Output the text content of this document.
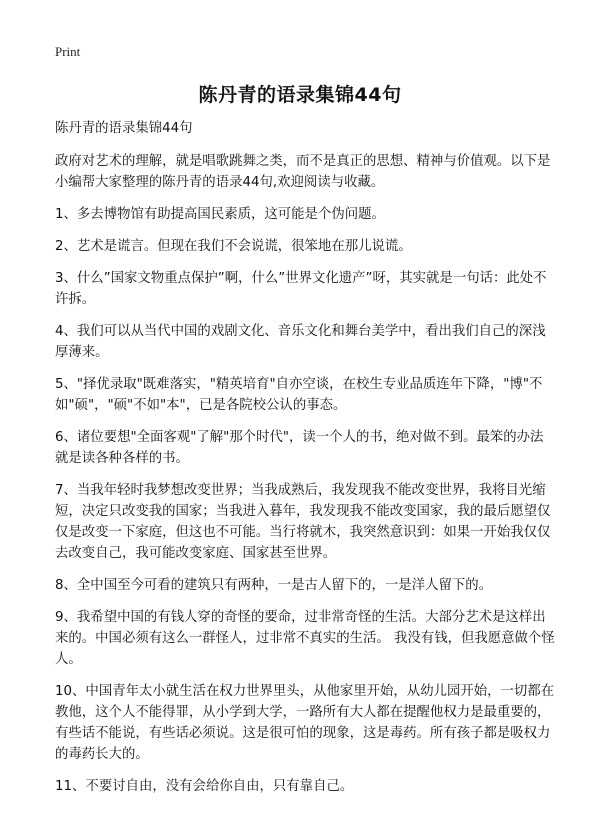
Print
陈丹青的语录集锦44句

陈丹青的语录集锦44句

政府对艺术的理解，就是唱歌跳舞之类，而不是真正的思想、精神与价值观。以下是小编帮大家整理的陈丹青的语录44句,欢迎阅读与收藏。

1、多去博物馆有助提高国民素质，这可能是个伪问题。

2、艺术是谎言。但现在我们不会说谎，很笨地在那儿说谎。

3、什么”国家文物重点保护”啊，什么”世界文化遗产”呀，其实就是一句话：此处不许拆。

4、我们可以从当代中国的戏剧文化、音乐文化和舞台美学中，看出我们自己的深浅厚薄来。

5、"择优录取"既难落实，"精英培育"自亦空谈，在校生专业品质连年下降，"博"不如"硕"，"硕"不如"本"，已是各院校公认的事态。

6、诸位要想"全面客观"了解"那个时代"，读一个人的书，绝对做不到。最笨的办法就是读各种各样的书。

7、当我年轻时我梦想改变世界；当我成熟后，我发现我不能改变世界，我将目光缩短，决定只改变我的国家；当我进入暮年，我发现我不能改变国家，我的最后愿望仅 仅是改变一下家庭，但这也不可能。当行将就木，我突然意识到：如果一开始我仅仅去改变自己，我可能改变家庭、国家甚至世界。

8、全中国至今可看的建筑只有两种，一是古人留下的，一是洋人留下的。

9、我希望中国的有钱人穿的奇怪的要命，过非常奇怪的生活。大部分艺术是这样出来的。中国必须有这么一群怪人，过非常不真实的生活。 我没有钱，但我愿意做个怪人。

10、中国青年太小就生活在权力世界里头，从他家里开始，从幼儿园开始，一切都在教他，这个人不能得罪，从小学到大学，一路所有大人都在提醒他权力是最重要的，有些话不能说，有些话必须说。这是很可怕的现象，这是毒药。所有孩子都是吸权力的毒药长大的。

11、不要讨自由，没有会给你自由，只有靠自己。
